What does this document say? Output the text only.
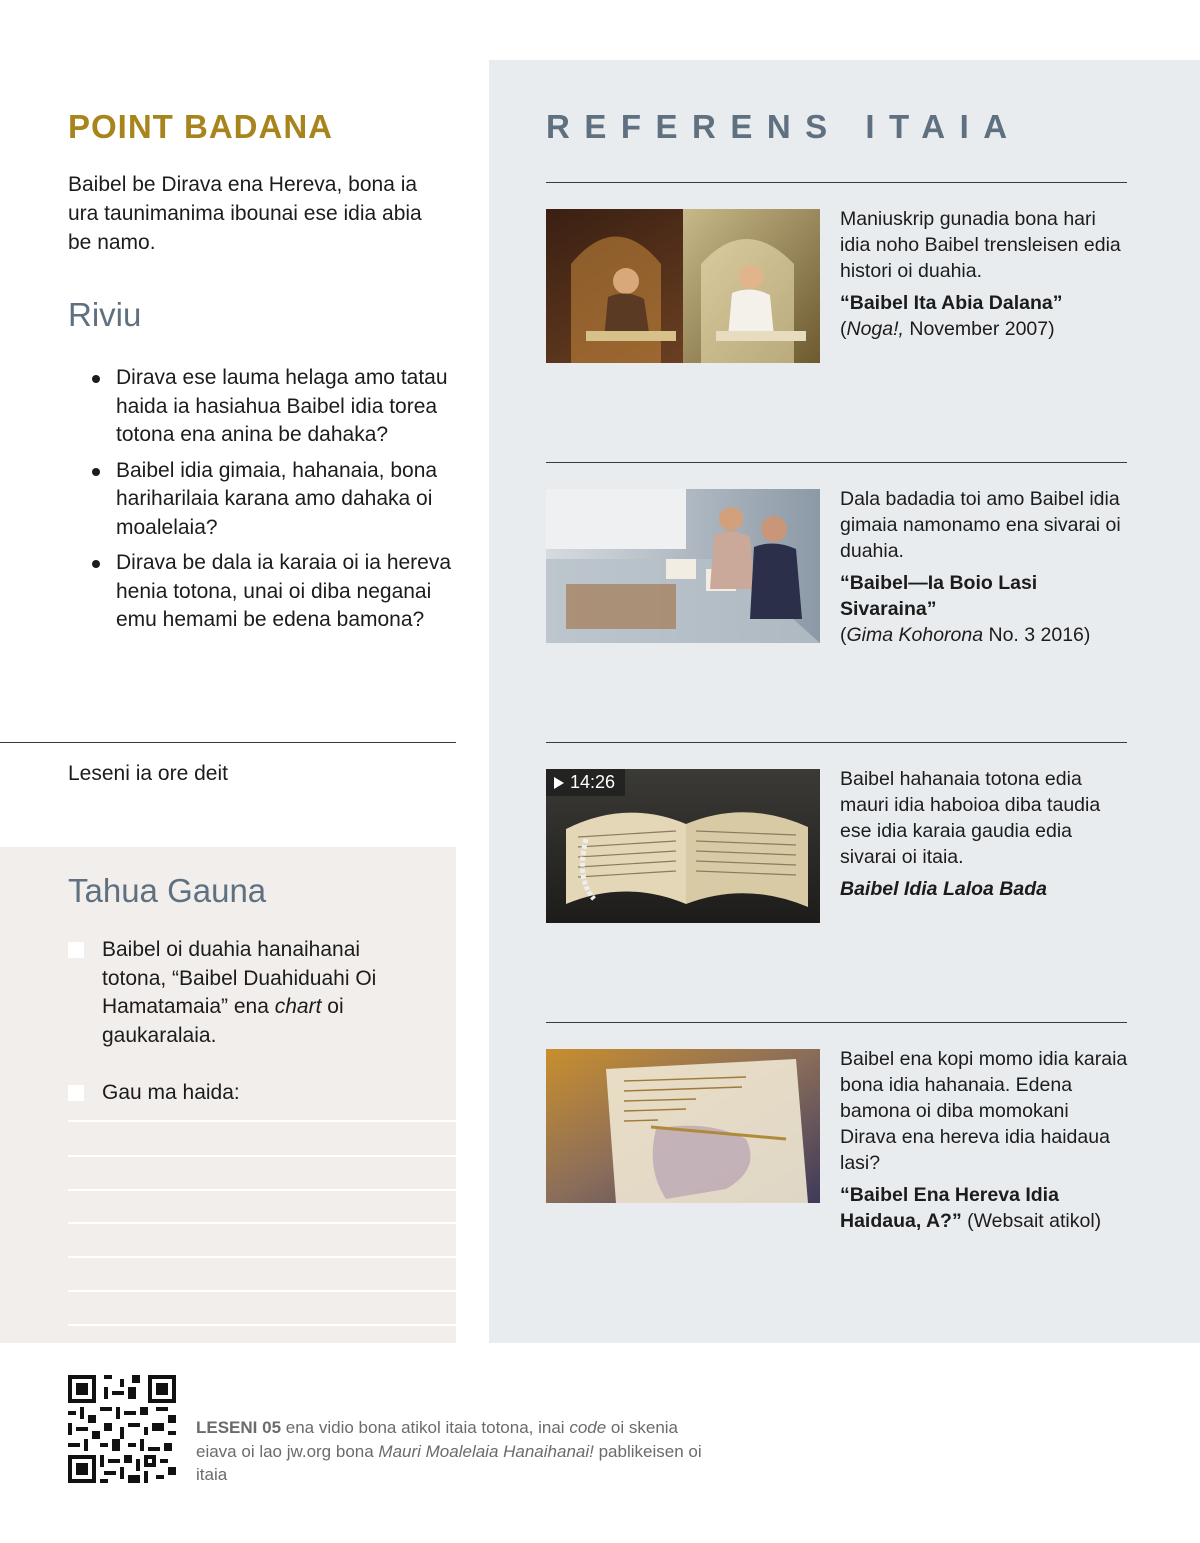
POINT BADANA
Baibel be Dirava ena Hereva, bona ia ura taunimanima ibounai ese idia abia be namo.
Riviu
Dirava ese lauma helaga amo tatau haida ia hasiahua Baibel idia torea totona ena anina be dahaka?
Baibel idia gimaia, hahanaia, bona hariharilaia karana amo dahaka oi moalelaia?
Dirava be dala ia karaia oi ia hereva henia totona, unai oi diba neganai emu hemami be edena bamona?
Leseni ia ore deit
Tahua Gauna
Baibel oi duahia hanaihanai totona, “Baibel Duahiduahi Oi Hamatamaia” ena chart oi gaukaralaia.
Gau ma haida:
REFERENS ITAIA
Maniuskrip gunadia bona hari idia noho Baibel trensleisen edia histori oi duahia.
“Baibel Ita Abia Dalana”
(Noga!, November 2007)
Dala badadia toi amo Baibel idia gimaia namonamo ena sivarai oi duahia.
“Baibel—Ia Boio Lasi Sivaraina”
(Gima Kohorona No. 3 2016)
14:26	Baibel hahanaia totona edia mauri idia haboioa diba taudia ese idia karaia gaudia edia sivarai oi itaia.
Baibel Idia Laloa Bada
Baibel ena kopi momo idia karaia bona idia hahanaia. Edena bamona oi diba momokani Dirava ena hereva idia haidaua lasi?
“Baibel Ena Hereva Idia Haidaua, A?” (Websait atikol)
LESENI 05 ena vidio bona atikol itaia totona, inai code oi skenia eiava oi lao jw.org bona Mauri Moalelaia Hanaihanai! pablikeisen oi itaia
